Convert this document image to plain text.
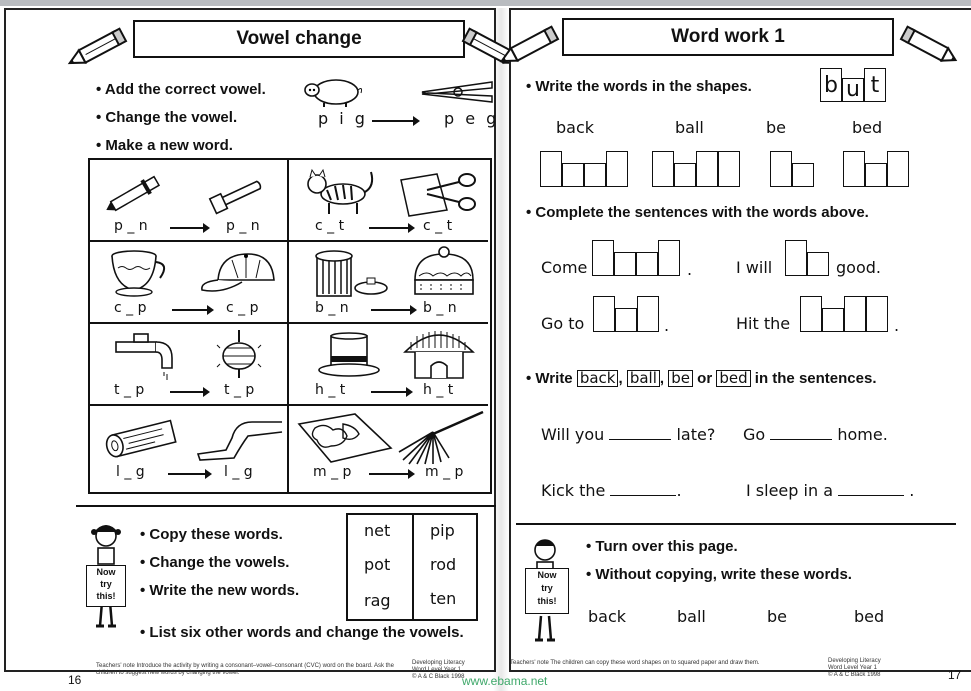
Vowel change
• Add the correct vowel.
• Change the vowel.
• Make a new word.
p i g	p e g
p _ n	p _ n	c _ t	c _ t
c _ p	c _ p	b _ n	b _ n
t _ p	t _ p	h _ t	h _ t
l _ g	l _ g	m _ p	m _ p
Now
try
this!
• Copy these words.
• Change the vowels.
• Write the new words.
net pip
pot rod
rag ten
• List six other words and change the vowels.
Teachers' note Introduce the activity by writing a consonant–vowel–consonant (CVC) word on the board. Ask the children to suggest new words by changing the vowel.
Developing Literacy
Word Level Year 1
© A & C Black 1998
16
Word work 1
• Write the words in the shapes.	b u t
back	ball	be	bed
• Complete the sentences with the words above.
Come	.	I will	good.
Go to	.	Hit the	.
• Write back , ball , be or bed in the sentences.
Will you	late? Go	home.
Kick the	.	I sleep in a	.
Now
try
this!
• Turn over this page.
• Without copying, write these words.
back	ball	be	bed
Teachers' note The children can copy these word shapes on to squared paper and draw them.	Developing Literacy
Word Level Year 1
© A & C Black 1998
www.ebama.net	17
